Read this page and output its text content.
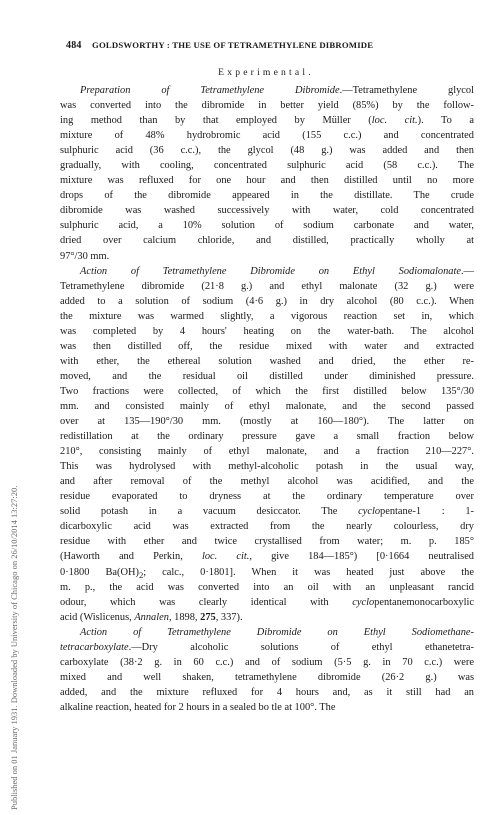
484 GOLDSWORTHY : THE USE OF TETRAMETHYLENE DIBROMIDE
Experimental.
Preparation of Tetramethylene Dibromide.—Tetramethylene glycol
was converted into the dibromide in better yield (85%) by the follow-
ing method than by that employed by Müller (loc. cit.). To a
mixture of 48% hydrobromic acid (155 c.c.) and concentrated
sulphuric acid (36 c.c.), the glycol (48 g.) was added and then
gradually, with cooling, concentrated sulphuric acid (58 c.c.). The
mixture was refluxed for one hour and then distilled until no more
drops of the dibromide appeared in the distillate. The crude
dibromide was washed successively with water, cold concentrated
sulphuric acid, a 10% solution of sodium carbonate and water,
dried over calcium chloride, and distilled, practically wholly at
97°/30 mm.
Action of Tetramethylene Dibromide on Ethyl Sodiomalonate.—
Tetramethylene dibromide (21·8 g.) and ethyl malonate (32 g.) were
added to a solution of sodium (4·6 g.) in dry alcohol (80 c.c.). When
the mixture was warmed slightly, a vigorous reaction set in, which
was completed by 4 hours' heating on the water-bath. The alcohol
was then distilled off, the residue mixed with water and extracted
with ether, the ethereal solution washed and dried, the ether re-
moved, and the residual oil distilled under diminished pressure.
Two fractions were collected, of which the first distilled below 135°/30
mm. and consisted mainly of ethyl malonate, and the second passed
over at 135—190°/30 mm. (mostly at 160—180°). The latter on
redistillation at the ordinary pressure gave a small fraction below
210°, consisting mainly of ethyl malonate, and a fraction 210—227°.
This was hydrolysed with methyl-alcoholic potash in the usual way,
and after removal of the methyl alcohol was acidified, and the
residue evaporated to dryness at the ordinary temperature over
solid potash in a vacuum desiccator. The cyclopentane-1 : 1-
dicarboxylic acid was extracted from the nearly colourless, dry
residue with ether and twice crystallised from water; m. p. 185°
(Haworth and Perkin, loc. cit., give 184—185°) [0·1664 neutralised
0·1800 $Ba(OH)_2$; calc., 0·1801]. When it was heated just above the
m. p., the acid was converted into an oil with an unpleasant rancid
odour, which was clearly identical with cyclopentanemonocarboxylic
acid (Wislicenus, Annalen, 1898, 275, 337).
Action of Tetramethylene Dibromide on Ethyl Sodiomethane-
tetracarboxylate.—Dry alcoholic solutions of ethyl ethanetetra-
carboxylate (38·2 g. in 60 c.c.) and of sodium (5·5 g. in 70 c.c.) were
mixed and well shaken, tetramethylene dibromide (26·2 g.) was
added, and the mixture refluxed for 4 hours and, as it still had an
alkaline reaction, heated for 2 hours in a sealed bo tle at 100°. The
Published on 01 January 1931. Downloaded by University of Chicago on 26/10/2014 13:27:20.
